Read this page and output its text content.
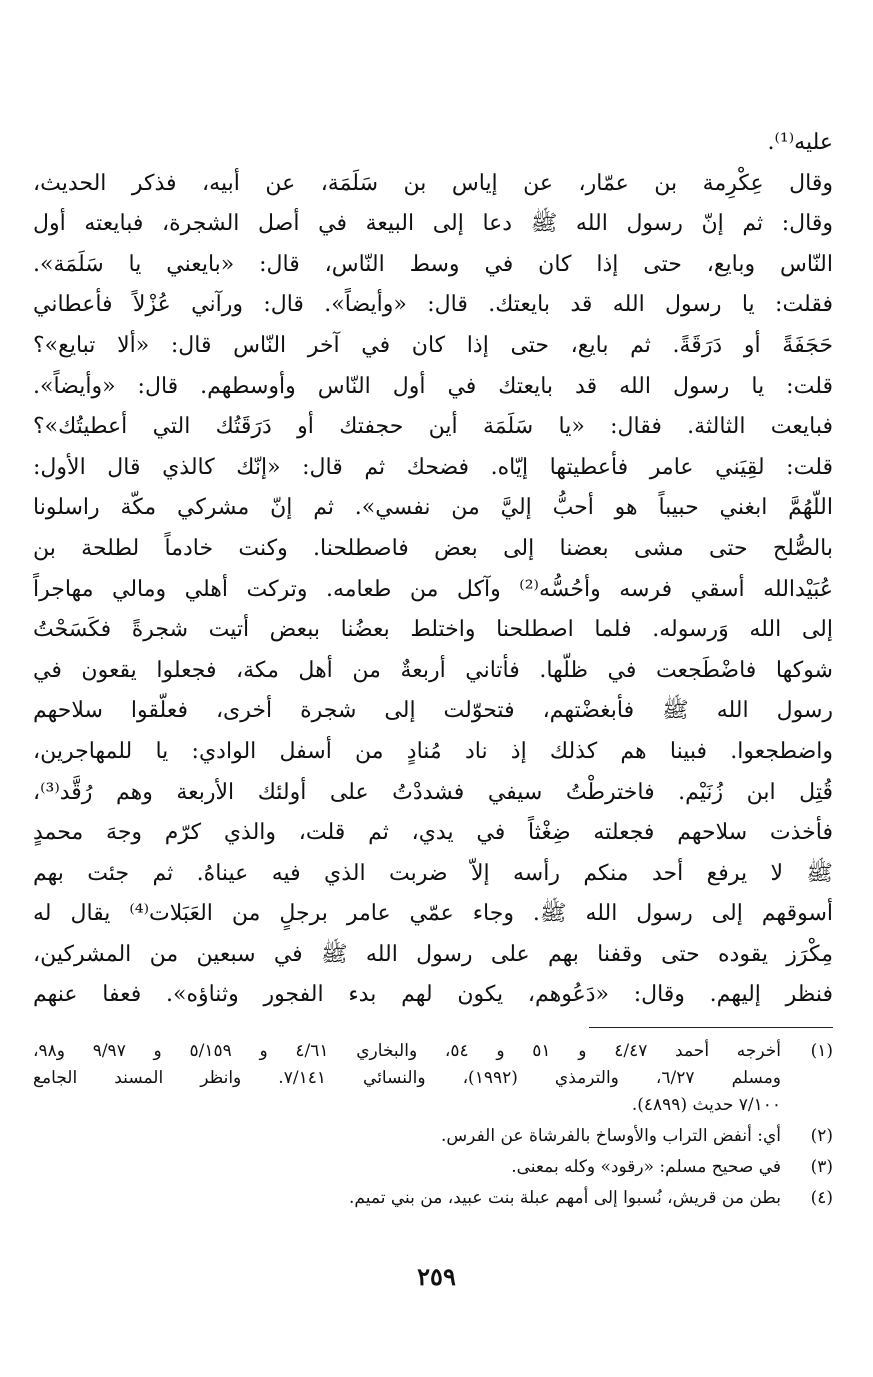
عليه⁽¹⁾.
وقال عِكْرِمة بن عمّار، عن إياس بن سَلَمَة، عن أبيه، فذكر الحديث،
وقال: ثم إنّ رسول الله ﷺ دعا إلى البيعة في أصل الشجرة، فبايعته أول
النّاس وبايع، حتى إذا كان في وسط النّاس، قال: «بايعني يا سَلَمَة».
فقلت: يا رسول الله قد بايعتك. قال: «وأيضاً». قال: ورآني عُزْلاً فأعطاني
حَجَفَةً أو دَرَقَةً. ثم بايع، حتى إذا كان في آخر النّاس قال: «ألا تبايع»؟
قلت: يا رسول الله قد بايعتك في أول النّاس وأوسطهم. قال: «وأيضاً».
فبايعت الثالثة. فقال: «يا سَلَمَة أين حجفتك أو دَرَقَتُك التي أعطيتُك»؟
قلت: لقِيَني عامر فأعطيتها إيّاه. فضحك ثم قال: «إنّك كالذي قال الأول:
اللّهُمَّ ابغني حبيباً هو أحبُّ إليَّ من نفسي». ثم إنّ مشركي مكّة راسلونا
بالصُّلح حتى مشى بعضنا إلى بعض فاصطلحنا. وكنت خادماً لطلحة بن
عُبَيْدالله أسقي فرسه وأحُسُّه⁽²⁾ وآكل من طعامه. وتركت أهلي ومالي مهاجراً
إلى الله وَرسوله. فلما اصطلحنا واختلط بعضُنا ببعض أتيت شجرةً فكَسَحْتُ
شوكها فاضْطَجعت في ظلّها. فأتاني أربعةٌ من أهل مكة، فجعلوا يقعون في
رسول الله ﷺ فأبغضْتهم، فتحوّلت إلى شجرة أخرى، فعلّقوا سلاحهم
واضطجعوا. فبينا هم كذلك إذ ناد مُنادٍ من أسفل الوادي: يا للمهاجرين،
قُتِل ابن زُنَيْم. فاخترطْتُ سيفي فشددْتُ على أولئك الأربعة وهم رُقَّد⁽³⁾،
فأخذت سلاحهم فجعلته ضِغْثاً في يدي، ثم قلت، والذي كرّم وجهَ محمدٍ
ﷺ لا يرفع أحد منكم رأسه إلاّ ضربت الذي فيه عيناهُ. ثم جئت بهم
أسوقهم إلى رسول الله ﷺ. وجاء عمّي عامر برجلٍ من العَبَلات⁽⁴⁾ يقال له
مِكْرَز يقوده حتى وقفنا بهم على رسول الله ﷺ في سبعين من المشركين،
فنظر إليهم. وقال: «دَعُوهم، يكون لهم بدء الفجور وثناؤه». فعفا عنهم
(١)
أخرجه أحمد ٤/٤٧ و ٥١ و ٥٤، والبخاري ٤/٦١ و ٥/١٥٩ و ٩/٩٧ و٩٨،
ومسلم ٦/٢٧، والترمذي (١٩٩٢)، والنسائي ٧/١٤١. وانظر المسند الجامع
٧/١٠٠ حديث (٤٨٩٩).
(٢)
أي: أنفض التراب والأوساخ بالفرشاة عن الفرس.
(٣)
في صحيح مسلم: «رقود» وكله بمعنى.
(٤)
بطن من قريش، نُسبوا إلى أمهم عبلة بنت عبيد، من بني تميم.
٢٥٩
